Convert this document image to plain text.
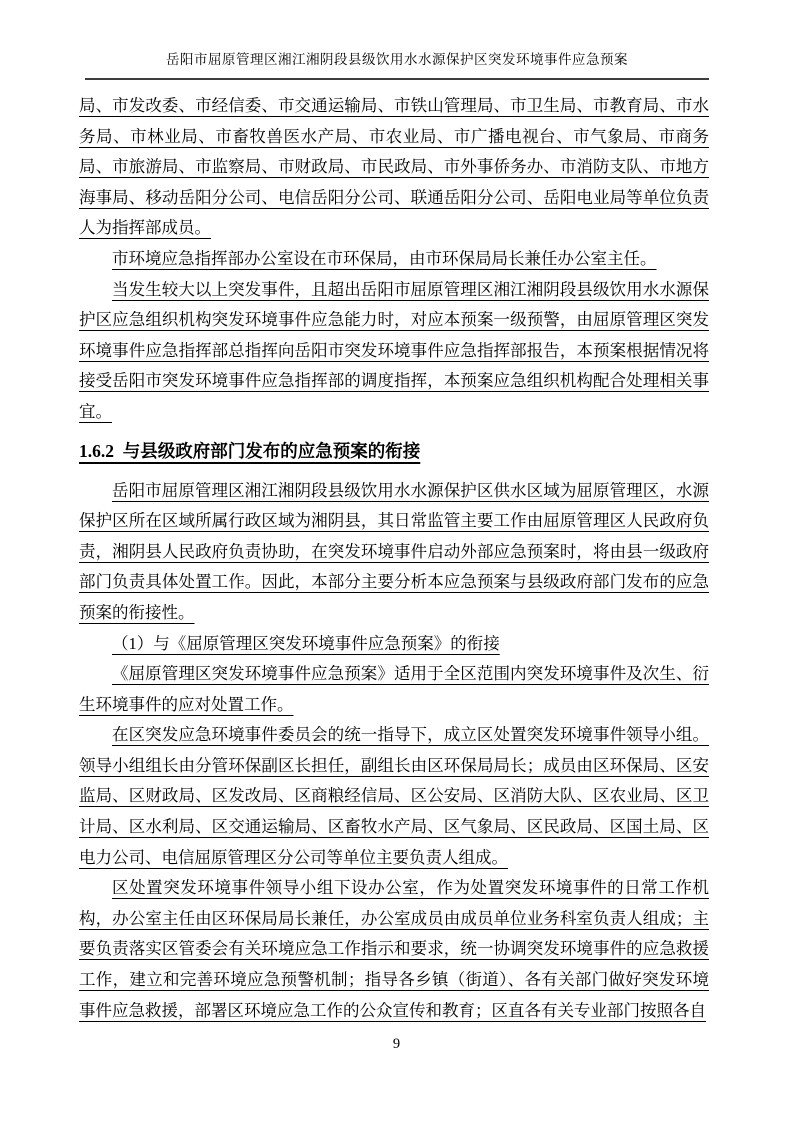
岳阳市屈原管理区湘江湘阴段县级饮用水水源保护区突发环境事件应急预案

局、市发改委、市经信委、市交通运输局、市铁山管理局、市卫生局、市教育局、市水务局、市林业局、市畜牧兽医水产局、市农业局、市广播电视台、市气象局、市商务局、市旅游局、市监察局、市财政局、市民政局、市外事侨务办、市消防支队、市地方海事局、移动岳阳分公司、电信岳阳分公司、联通岳阳分公司、岳阳电业局等单位负责人为指挥部成员。

市环境应急指挥部办公室设在市环保局，由市环保局局长兼任办公室主任。

当发生较大以上突发事件，且超出岳阳市屈原管理区湘江湘阴段县级饮用水水源保护区应急组织机构突发环境事件应急能力时，对应本预案一级预警，由屈原管理区突发环境事件应急指挥部总指挥向岳阳市突发环境事件应急指挥部报告，本预案根据情况将接受岳阳市突发环境事件应急指挥部的调度指挥，本预案应急组织机构配合处理相关事宜。

1.6.2  与县级政府部门发布的应急预案的衔接

岳阳市屈原管理区湘江湘阴段县级饮用水水源保护区供水区域为屈原管理区，水源保护区所在区域所属行政区域为湘阴县，其日常监管主要工作由屈原管理区人民政府负责，湘阴县人民政府负责协助，在突发环境事件启动外部应急预案时，将由县一级政府部门负责具体处置工作。因此，本部分主要分析本应急预案与县级政府部门发布的应急预案的衔接性。

（1）与《屈原管理区突发环境事件应急预案》的衔接

《屈原管理区突发环境事件应急预案》适用于全区范围内突发环境事件及次生、衍生环境事件的应对处置工作。

在区突发应急环境事件委员会的统一指导下，成立区处置突发环境事件领导小组。领导小组组长由分管环保副区长担任，副组长由区环保局局长；成员由区环保局、区安监局、区财政局、区发改局、区商粮经信局、区公安局、区消防大队、区农业局、区卫计局、区水利局、区交通运输局、区畜牧水产局、区气象局、区民政局、区国土局、区电力公司、电信屈原管理区分公司等单位主要负责人组成。

区处置突发环境事件领导小组下设办公室，作为处置突发环境事件的日常工作机构，办公室主任由区环保局局长兼任，办公室成员由成员单位业务科室负责人组成；主要负责落实区管委会有关环境应急工作指示和要求，统一协调突发环境事件的应急救援工作，建立和完善环境应急预警机制；指导各乡镇（街道）、各有关部门做好突发环境事件应急救援，部署区环境应急工作的公众宣传和教育；区直各有关专业部门按照各自

9
